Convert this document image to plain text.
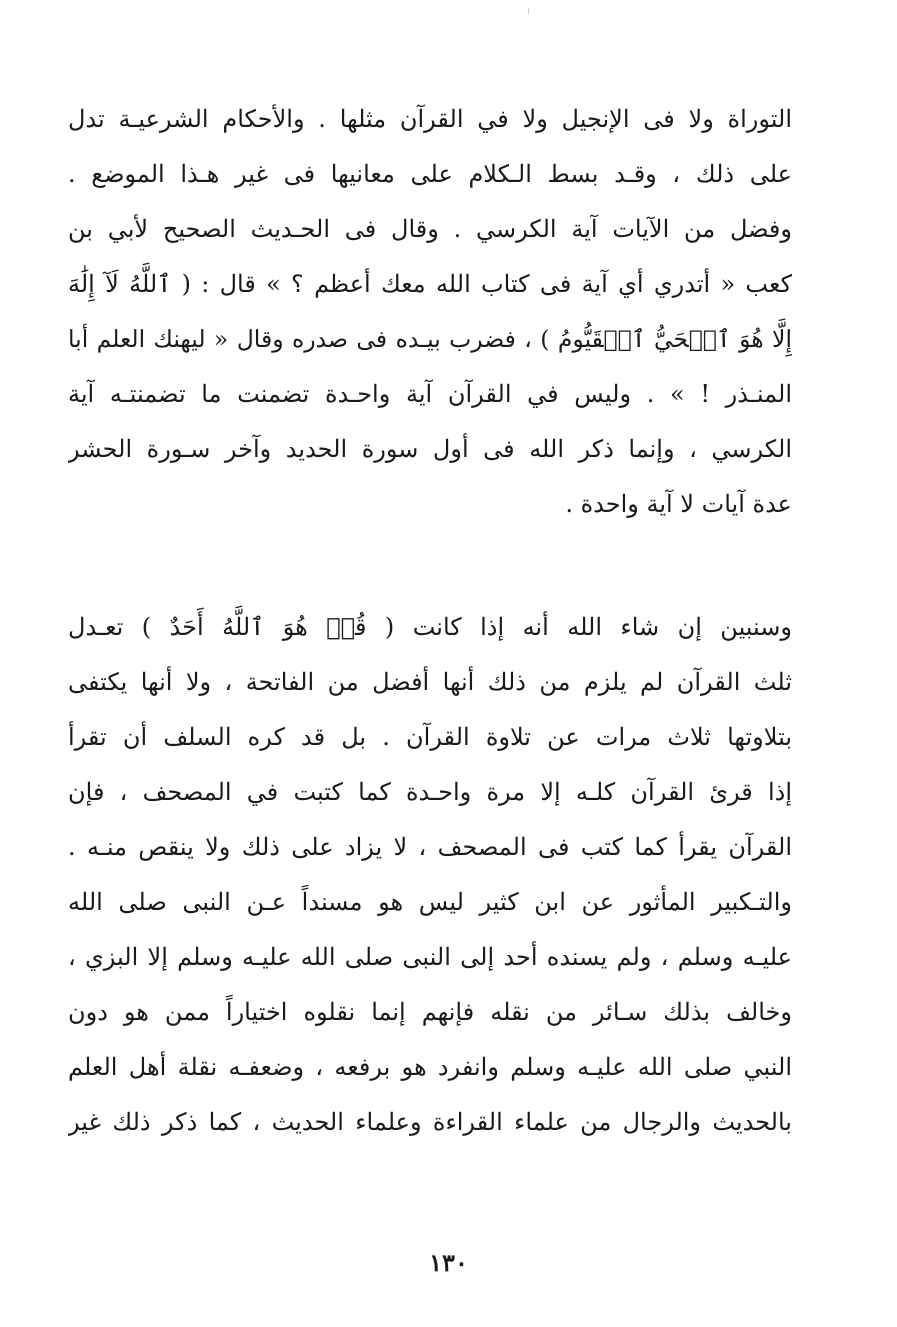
التوراة ولا فى الإنجيل ولا في القرآن مثلها . والأحكام الشرعيـة تدل
على ذلك ، وقـد بسط الـكلام على معانيها فى غير هـذا الموضع .
وفضل من الآيات آية الكرسي . وقال فى الحـديث الصحيح لأبي بن
كعب « أتدري أي آية فى كتاب الله معك أعظم ؟ » قال : ( ٱللَّهُ لَآ إِلَٰهَ
إِلَّا هُوَ ٱلۡحَيُّ ٱلۡقَيُّومُ ) ، فضرب بيـده فى صدره وقال « ليهنك العلم أبا
المنـذر ! » . وليس في القرآن آية واحـدة تضمنت ما تضمنتـه آية
الكرسي ، وإنما ذكر الله فى أول سورة الحديد وآخر سـورة الحشر
عدة آيات لا آية واحدة .
وسنبين إن شاء الله أنه إذا كانت ( قُلۡ هُوَ ٱللَّهُ أَحَدٌ ) تعـدل
ثلث القرآن لم يلزم من ذلك أنها أفضل من الفاتحة ، ولا أنها يكتفى
بتلاوتها ثلاث مرات عن تلاوة القرآن . بل قد كره السلف أن تقرأ
إذا قرئ القرآن كلـه إلا مرة واحـدة كما كتبت في المصحف ، فإن
القرآن يقرأ كما كتب فى المصحف ، لا يزاد على ذلك ولا ينقص منـه .
والتـكبير المأثور عن ابن كثير ليس هو مسنداً عـن النبى صلى الله
عليـه وسلم ، ولم يسنده أحد إلى النبى صلى الله عليـه وسلم إلا البزي ،
وخالف بذلك سـائر من نقله فإنهم إنما نقلوه اختياراً ممن هو دون
النبي صلى الله عليـه وسلم وانفرد هو برفعه ، وضعفـه نقلة أهل العلم
بالحديث والرجال من علماء القراءة وعلماء الحديث ، كما ذكر ذلك غير
١٣٠
